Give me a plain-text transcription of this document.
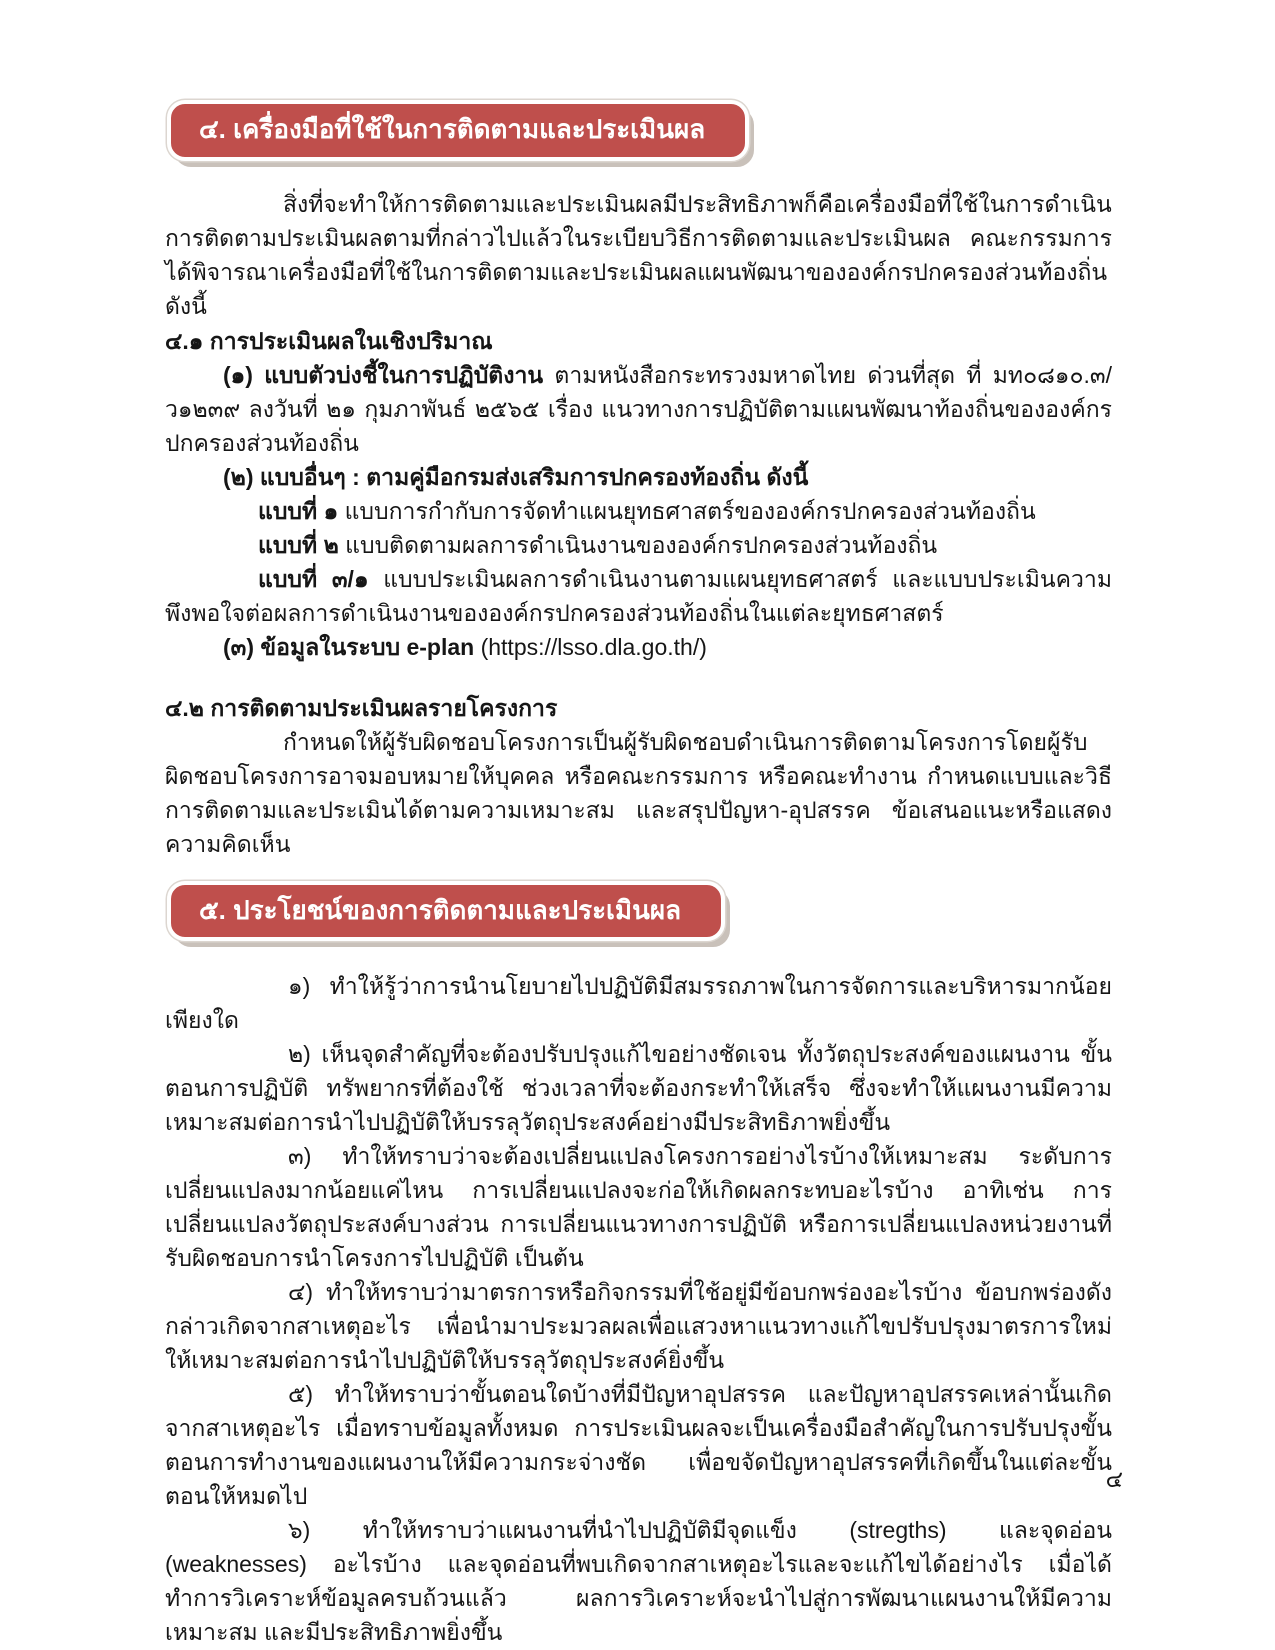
๔. เครื่องมือที่ใช้ในการติดตามและประเมินผล

สิ่งที่จะทำให้การติดตามและประเมินผลมีประสิทธิภาพก็คือเครื่องมือที่ใช้ในการดำเนินการติดตามประเมินผลตามที่กล่าวไปแล้วในระเบียบวิธีการติดตามและประเมินผล คณะกรรมการได้พิจารณาเครื่องมือที่ใช้ในการติดตามและประเมินผลแผนพัฒนาขององค์กรปกครองส่วนท้องถิ่น ดังนี้

๔.๑ การประเมินผลในเชิงปริมาณ

(๑) แบบตัวบ่งชี้ในการปฏิบัติงาน ตามหนังสือกระทรวงมหาดไทย ด่วนที่สุด ที่ มท๐๘๑๐.๓/ว๑๒๓๙ ลงวันที่ ๒๑ กุมภาพันธ์ ๒๕๖๕ เรื่อง แนวทางการปฏิบัติตามแผนพัฒนาท้องถิ่นขององค์กรปกครองส่วนท้องถิ่น

(๒) แบบอื่นๆ : ตามคู่มือกรมส่งเสริมการปกครองท้องถิ่น ดังนี้

แบบที่ ๑ แบบการกำกับการจัดทำแผนยุทธศาสตร์ขององค์กรปกครองส่วนท้องถิ่น

แบบที่ ๒ แบบติดตามผลการดำเนินงานขององค์กรปกครองส่วนท้องถิ่น

แบบที่ ๓/๑ แบบประเมินผลการดำเนินงานตามแผนยุทธศาสตร์ และแบบประเมินความพึงพอใจต่อผลการดำเนินงานขององค์กรปกครองส่วนท้องถิ่นในแต่ละยุทธศาสตร์

(๓) ข้อมูลในระบบ e-plan (https://lsso.dla.go.th/)

๔.๒ การติดตามประเมินผลรายโครงการ

กำหนดให้ผู้รับผิดชอบโครงการเป็นผู้รับผิดชอบดำเนินการติดตามโครงการโดยผู้รับผิดชอบโครงการอาจมอบหมายให้บุคคล หรือคณะกรรมการ หรือคณะทำงาน กำหนดแบบและวิธีการติดตามและประเมินได้ตามความเหมาะสม และสรุปปัญหา-อุปสรรค ข้อเสนอแนะหรือแสดงความคิดเห็น

๕. ประโยชน์ของการติดตามและประเมินผล

๑) ทำให้รู้ว่าการนำนโยบายไปปฏิบัติมีสมรรถภาพในการจัดการและบริหารมากน้อยเพียงใด

๒) เห็นจุดสำคัญที่จะต้องปรับปรุงแก้ไขอย่างชัดเจน ทั้งวัตถุประสงค์ของแผนงาน ขั้นตอนการปฏิบัติ ทรัพยากรที่ต้องใช้ ช่วงเวลาที่จะต้องกระทำให้เสร็จ ซึ่งจะทำให้แผนงานมีความเหมาะสมต่อการนำไปปฏิบัติให้บรรลุวัตถุประสงค์อย่างมีประสิทธิภาพยิ่งขึ้น

๓) ทำให้ทราบว่าจะต้องเปลี่ยนแปลงโครงการอย่างไรบ้างให้เหมาะสม ระดับการเปลี่ยนแปลงมากน้อยแค่ไหน การเปลี่ยนแปลงจะก่อให้เกิดผลกระทบอะไรบ้าง อาทิเช่น การเปลี่ยนแปลงวัตถุประสงค์บางส่วน การเปลี่ยนแนวทางการปฏิบัติ หรือการเปลี่ยนแปลงหน่วยงานที่รับผิดชอบการนำโครงการไปปฏิบัติ เป็นต้น

๔) ทำให้ทราบว่ามาตรการหรือกิจกรรมที่ใช้อยู่มีข้อบกพร่องอะไรบ้าง ข้อบกพร่องดังกล่าวเกิดจากสาเหตุอะไร เพื่อนำมาประมวลผลเพื่อแสวงหาแนวทางแก้ไขปรับปรุงมาตรการใหม่ให้เหมาะสมต่อการนำไปปฏิบัติให้บรรลุวัตถุประสงค์ยิ่งขึ้น

๕) ทำให้ทราบว่าขั้นตอนใดบ้างที่มีปัญหาอุปสรรค และปัญหาอุปสรรคเหล่านั้นเกิดจากสาเหตุอะไร เมื่อทราบข้อมูลทั้งหมด การประเมินผลจะเป็นเครื่องมือสำคัญในการปรับปรุงขั้นตอนการทำงานของแผนงานให้มีความกระจ่างชัด เพื่อขจัดปัญหาอุปสรรคที่เกิดขึ้นในแต่ละขั้นตอนให้หมดไป

๖) ทำให้ทราบว่าแผนงานที่นำไปปฏิบัติมีจุดแข็ง (stregths) และจุดอ่อน (weaknesses) อะไรบ้าง และจุดอ่อนที่พบเกิดจากสาเหตุอะไรและจะแก้ไขได้อย่างไร เมื่อได้ทำการวิเคราะห์ข้อมูลครบถ้วนแล้ว ผลการวิเคราะห์จะนำไปสู่การพัฒนาแผนงานให้มีความเหมาะสม และมีประสิทธิภาพยิ่งขึ้น

๔
